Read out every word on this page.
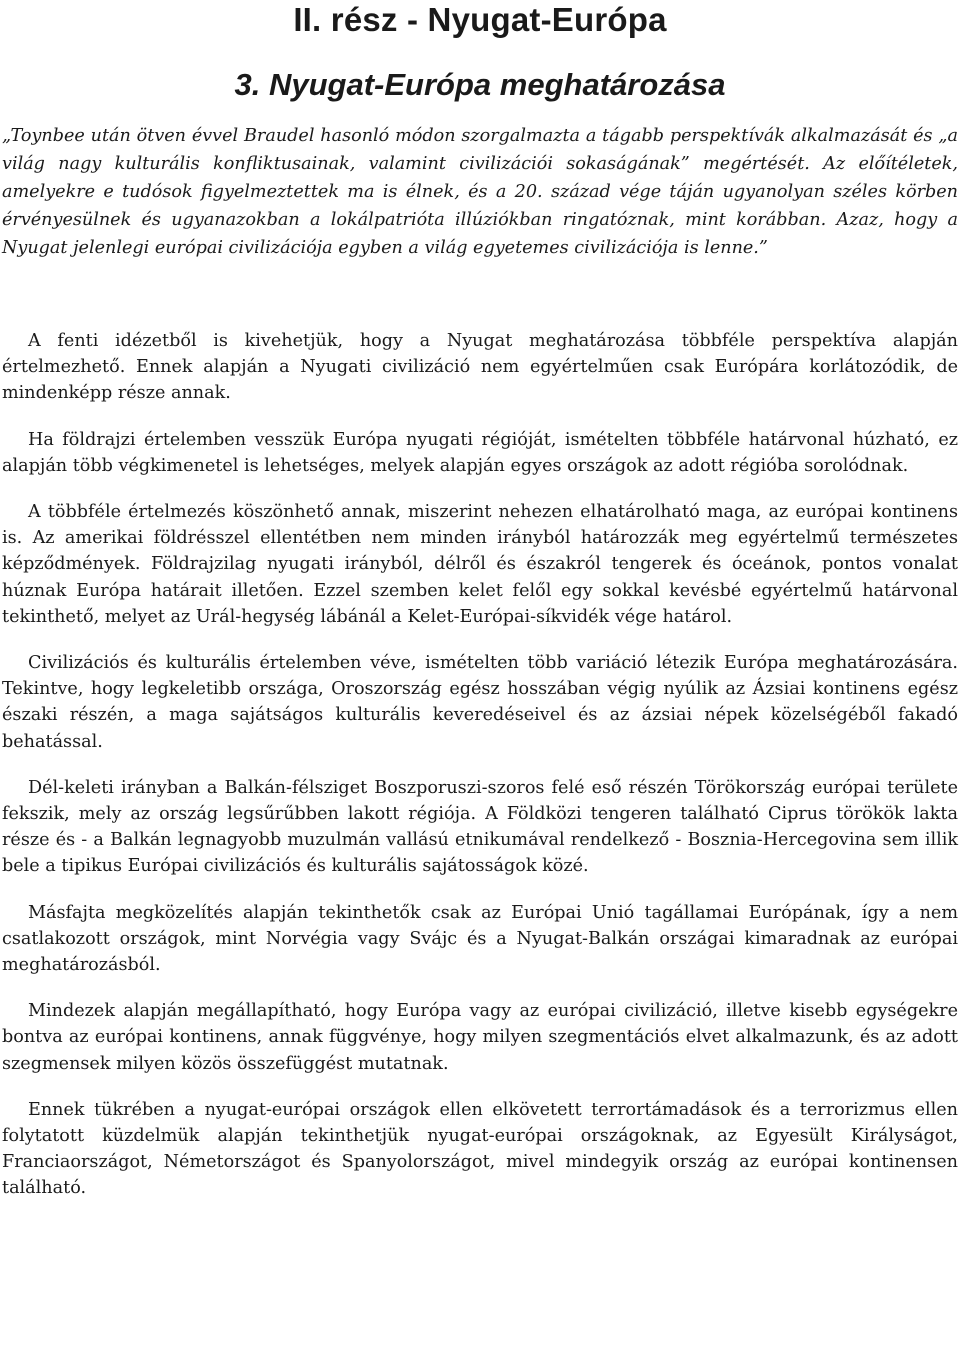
II. rész - Nyugat-Európa
3. Nyugat-Európa meghatározása

„Toynbee után ötven évvel Braudel hasonló módon szorgalmazta a tágabb perspektívák alkalmazását és „a világ nagy kulturális konfliktusainak, valamint civilizációi sokaságának” megértését. Az előítéletek, amelyekre e tudósok figyelmeztettek ma is élnek, és a 20. század vége táján ugyanolyan széles körben érvényesülnek és ugyanazokban a lokálpatrióta illúziókban ringatóznak, mint korábban. Azaz, hogy a Nyugat jelenlegi európai civilizációja egyben a világ egyetemes civilizációja is lenne.”

A fenti idézetből is kivehetjük, hogy a Nyugat meghatározása többféle perspektíva alapján értelmezhető. Ennek alapján a Nyugati civilizáció nem egyértelműen csak Európára korlátozódik, de mindenképp része annak.

Ha földrajzi értelemben vesszük Európa nyugati régióját, ismételten többféle határvonal húzható, ez alapján több végkimenetel is lehetséges, melyek alapján egyes országok az adott régióba sorolódnak.

A többféle értelmezés köszönhető annak, miszerint nehezen elhatárolható maga, az európai kontinens is. Az amerikai földrésszel ellentétben nem minden irányból határozzák meg egyértelmű természetes képződmények. Földrajzilag nyugati irányból, délről és északról tengerek és óceánok, pontos vonalat húznak Európa határait illetően. Ezzel szemben kelet felől egy sokkal kevésbé egyértelmű határvonal tekinthető, melyet az Urál-hegység lábánál a Kelet-Európai-síkvidék vége határol.

Civilizációs és kulturális értelemben véve, ismételten több variáció létezik Európa meghatározására. Tekintve, hogy legkeletibb országa, Oroszország egész hosszában végig nyúlik az Ázsiai kontinens egész északi részén, a maga sajátságos kulturális keveredéseivel és az ázsiai népek közelségéből fakadó behatással.

Dél-keleti irányban a Balkán-félsziget Boszporuszi-szoros felé eső részén Törökország európai területe fekszik, mely az ország legsűrűbben lakott régiója. A Földközi tengeren található Ciprus törökök lakta része és - a Balkán legnagyobb muzulmán vallású etnikumával rendelkező - Bosznia-Hercegovina sem illik bele a tipikus Európai civilizációs és kulturális sajátosságok közé.

Másfajta megközelítés alapján tekinthetők csak az Európai Unió tagállamai Európának, így a nem csatlakozott országok, mint Norvégia vagy Svájc és a Nyugat-Balkán országai kimaradnak az európai meghatározásból.

Mindezek alapján megállapítható, hogy Európa vagy az európai civilizáció, illetve kisebb egységekre bontva az európai kontinens, annak függvénye, hogy milyen szegmentációs elvet alkalmazunk, és az adott szegmensek milyen közös összefüggést mutatnak.

Ennek tükrében a nyugat-európai országok ellen elkövetett terrortámadások és a terrorizmus ellen folytatott küzdelmük alapján tekinthetjük nyugat-európai országoknak, az Egyesült Királyságot, Franciaországot, Németországot és Spanyolországot, mivel mindegyik ország az európai kontinensen található.
